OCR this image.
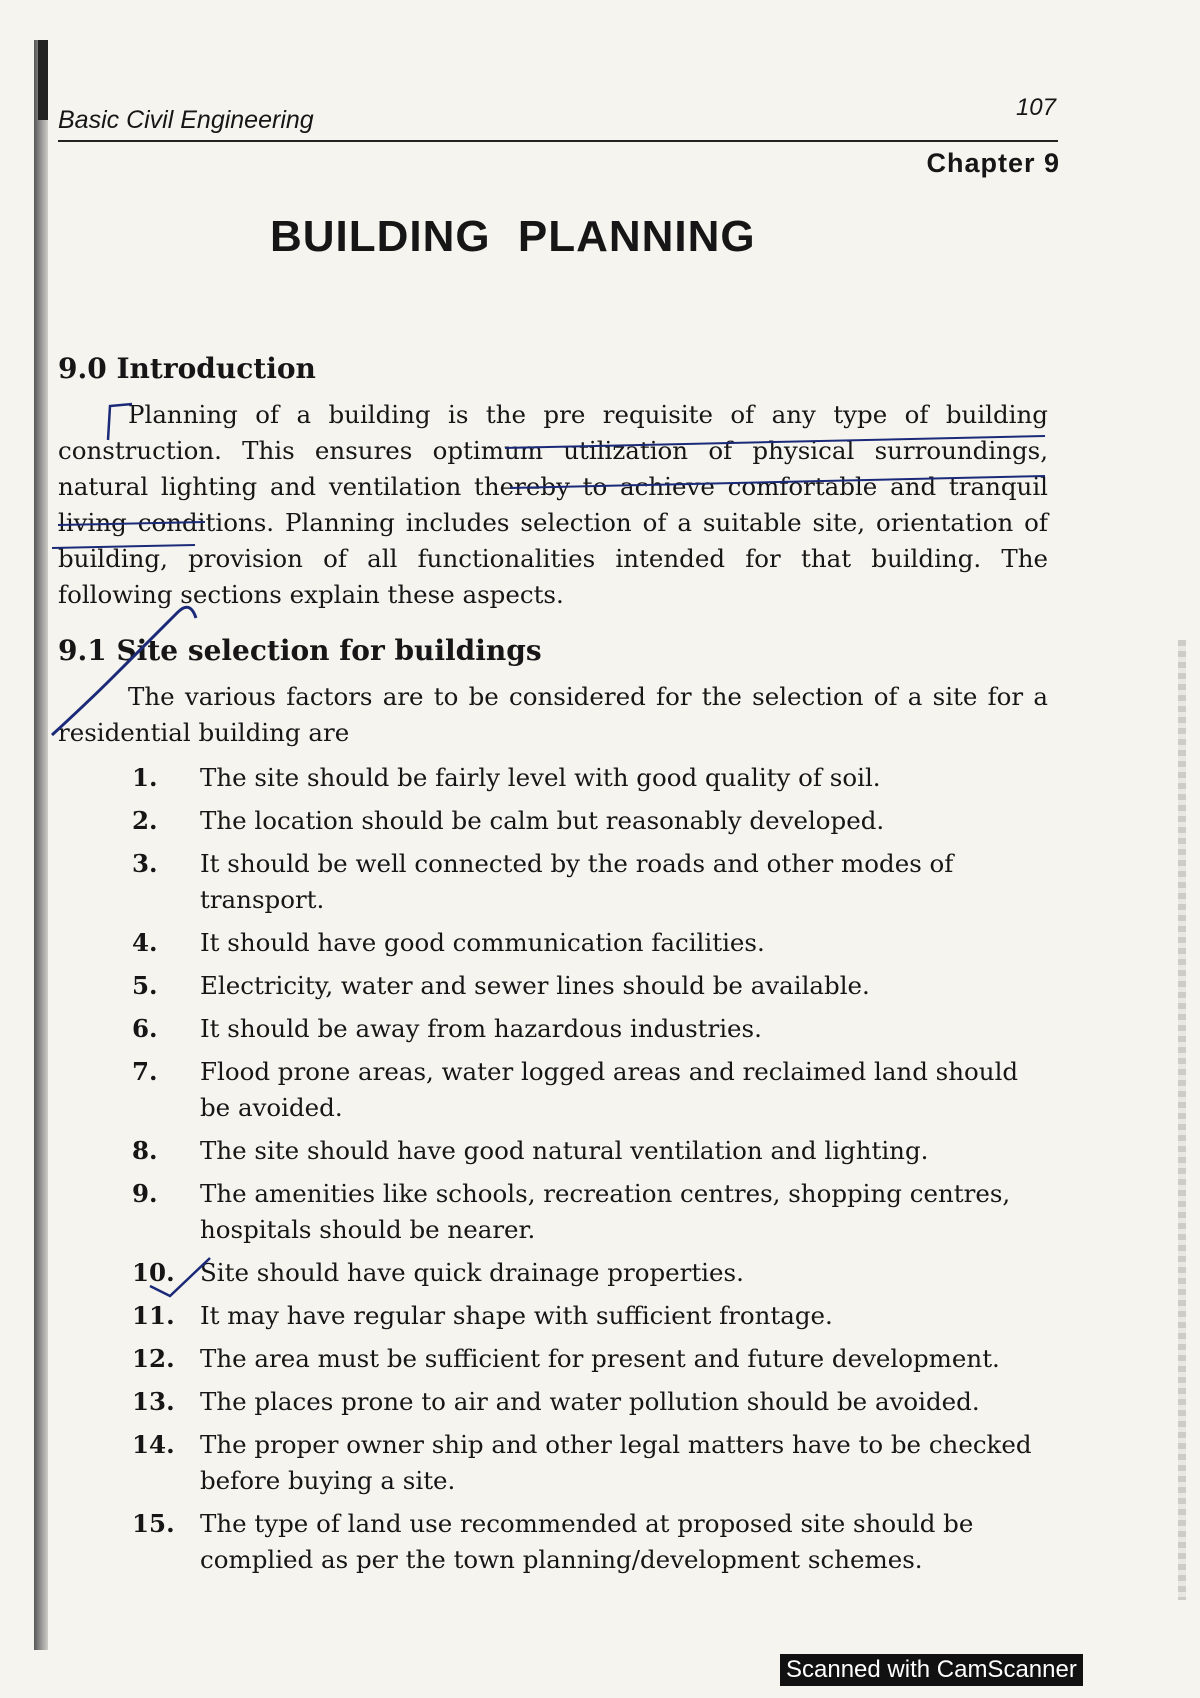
Basic Civil Engineering	107
Chapter 9
BUILDING PLANNING
9.0 Introduction

Planning of a building is the pre requisite of any type of building construction. This ensures optimum utilization of physical surroundings, natural lighting and ventilation thereby to achieve comfortable and tranquil living conditions. Planning includes selection of a suitable site, orientation of building, provision of all functionalities intended for that building. The following sections explain these aspects.

9.1 Site selection for buildings

The various factors are to be considered for the selection of a site for a residential building are

1. The site should be fairly level with good quality of soil.
2. The location should be calm but reasonably developed.
3. It should be well connected by the roads and other modes of transport.
4. It should have good communication facilities.
5. Electricity, water and sewer lines should be available.
6. It should be away from hazardous industries.
7. Flood prone areas, water logged areas and reclaimed land should be avoided.
8. The site should have good natural ventilation and lighting.
9. The amenities like schools, recreation centres, shopping centres, hospitals should be nearer.
10. Site should have quick drainage properties.
11. It may have regular shape with sufficient frontage.
12. The area must be sufficient for present and future development.
13. The places prone to air and water pollution should be avoided.
14. The proper owner ship and other legal matters have to be checked before buying a site.
15. The type of land use recommended at proposed site should be complied as per the town planning/development schemes.
Scanned with CamScanner
